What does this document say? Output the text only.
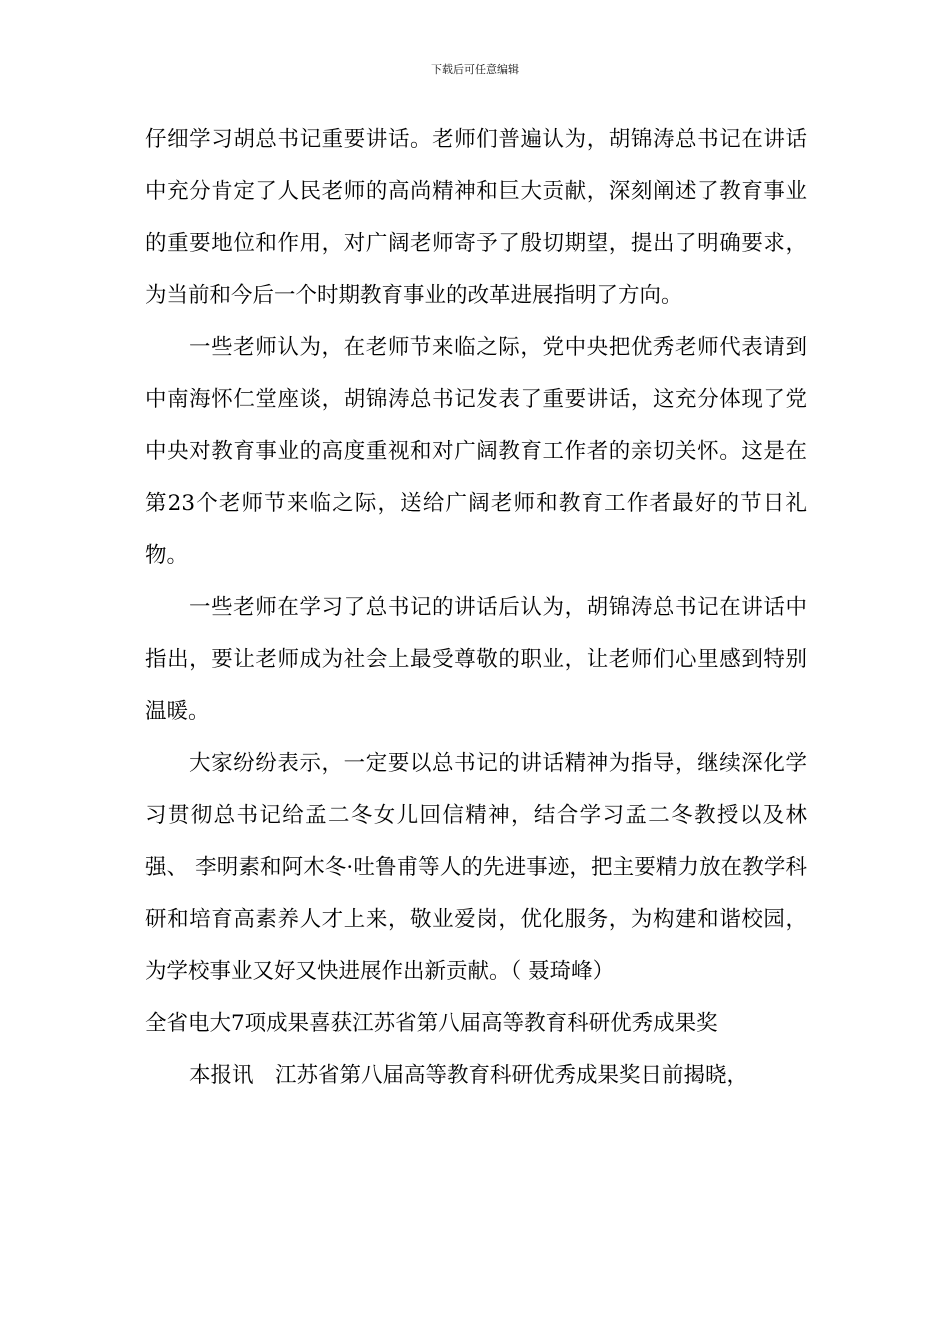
下载后可任意编辑

仔细学习胡总书记重要讲话。老师们普遍认为，胡锦涛总书记在讲话中充分肯定了人民老师的高尚精神和巨大贡献，深刻阐述了教育事业的重要地位和作用，对广阔老师寄予了殷切期望，提出了明确要求，为当前和今后一个时期教育事业的改革进展指明了方向。

一些老师认为，在老师节来临之际，党中央把优秀老师代表请到中南海怀仁堂座谈，胡锦涛总书记发表了重要讲话，这充分体现了党中央对教育事业的高度重视和对广阔教育工作者的亲切关怀。这是在第23个老师节来临之际，送给广阔老师和教育工作者最好的节日礼物。

一些老师在学习了总书记的讲话后认为，胡锦涛总书记在讲话中指出，要让老师成为社会上最受尊敬的职业，让老师们心里感到特别温暖。

大家纷纷表示，一定要以总书记的讲话精神为指导，继续深化学习贯彻总书记给孟二冬女儿回信精神，结合学习孟二冬教授以及林强、 李明素和阿木冬·吐鲁甫等人的先进事迹，把主要精力放在教学科研和培育高素养人才上来，敬业爱岗，优化服务，为构建和谐校园，为学校事业又好又快进展作出新贡献。（ 聂琦峰）

全省电大7项成果喜获江苏省第八届高等教育科研优秀成果奖

本报讯　江苏省第八届高等教育科研优秀成果奖日前揭晓，
